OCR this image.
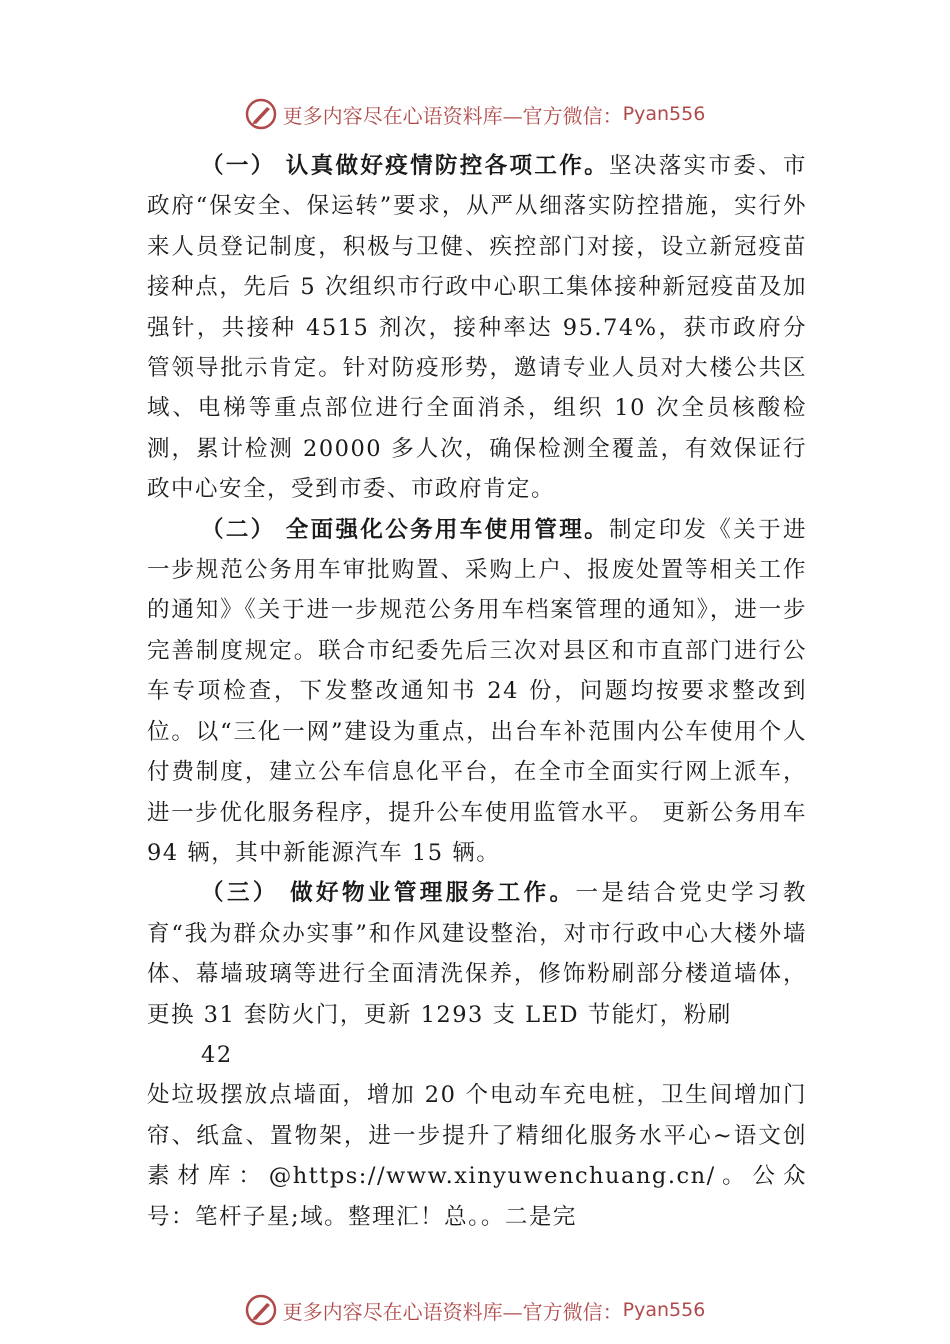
更多内容尽在心语资料库—官方微信： Pyan556

（一） 认真做好疫情防控各项工作。坚决落实市委、市政府“保安全、保运转”要求，从严从细落实防控措施，实行外来人员登记制度，积极与卫健、疾控部门对接，设立新冠疫苗接种点，先后 5 次组织市行政中心职工集体接种新冠疫苗及加强针，共接种 4515 剂次，接种率达 95.74%，获市政府分管领导批示肯定。针对防疫形势，邀请专业人员对大楼公共区域、电梯等重点部位进行全面消杀，组织 10 次全员核酸检测，累计检测 20000 多人次，确保检测全覆盖，有效保证行政中心安全，受到市委、市政府肯定。

（二） 全面强化公务用车使用管理。制定印发《关于进一步规范公务用车审批购置、采购上户、报废处置等相关工作的通知》《关于进一步规范公务用车档案管理的通知》，进一步完善制度规定。联合市纪委先后三次对县区和市直部门进行公车专项检查，下发整改通知书 24 份，问题均按要求整改到位。以“三化一网”建设为重点，出台车补范围内公车使用个人付费制度，建立公车信息化平台，在全市全面实行网上派车，进一步优化服务程序，提升公车使用监管水平。 更新公务用车 94 辆，其中新能源汽车 15 辆。

（三） 做好物业管理服务工作。一是结合党史学习教育“我为群众办实事”和作风建设整治，对市行政中心大楼外墙体、幕墙玻璃等进行全面清洗保养，修饰粉刷部分楼道墙体，更换 31 套防火门，更新 1293 支 LED 节能灯，粉刷
42

处垃圾摆放点墙面，增加 20 个电动车充电桩，卫生间增加门帘、纸盒、置物架，进一步提升了精细化服务水平心~语文创素材库：@https://www.xinyuwenchuang.cn/。公众号：笔杆子星;域。整理汇！总。。二是完

更多内容尽在心语资料库—官方微信： Pyan556
